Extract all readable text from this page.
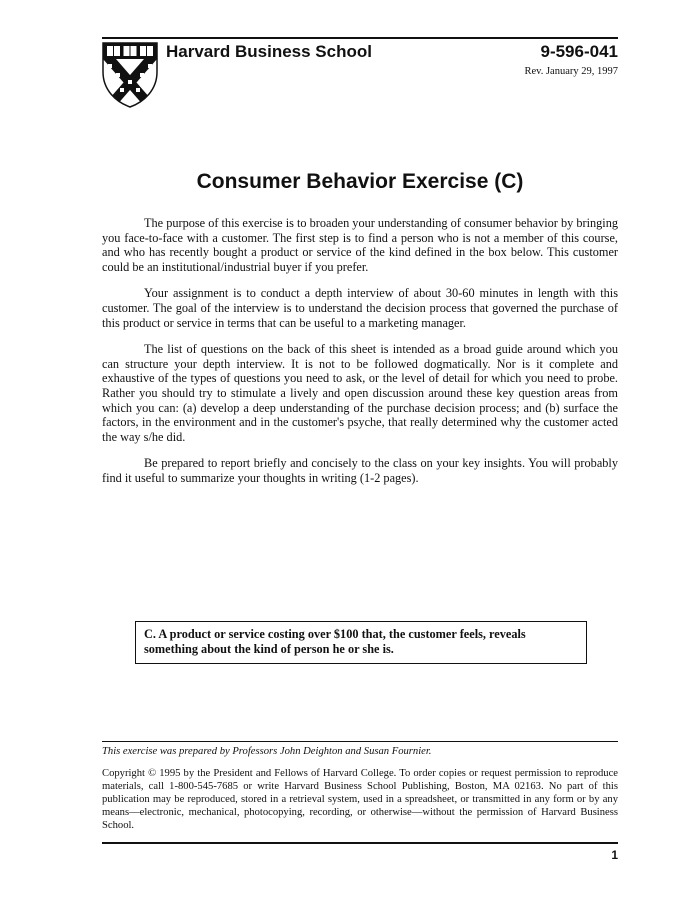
Harvard Business School	9-596-041
Rev. January 29, 1997
Consumer Behavior Exercise (C)

The purpose of this exercise is to broaden your understanding of consumer behavior by bringing you face-to-face with a customer. The first step is to find a person who is not a member of this course, and who has recently bought a product or service of the kind defined in the box below. This customer could be an institutional/industrial buyer if you prefer.

Your assignment is to conduct a depth interview of about 30-60 minutes in length with this customer. The goal of the interview is to understand the decision process that governed the purchase of this product or service in terms that can be useful to a marketing manager.

The list of questions on the back of this sheet is intended as a broad guide around which you can structure your depth interview. It is not to be followed dogmatically. Nor is it complete and exhaustive of the types of questions you need to ask, or the level of detail for which you need to probe. Rather you should try to stimulate a lively and open discussion around these key question areas from which you can: (a) develop a deep understanding of the purchase decision process; and (b) surface the factors, in the environment and in the customer's psyche, that really determined why the customer acted the way s/he did.

Be prepared to report briefly and concisely to the class on your key insights. You will probably find it useful to summarize your thoughts in writing (1-2 pages).

C. A product or service costing over $100 that, the customer feels, reveals something about the kind of person he or she is.
This exercise was prepared by Professors John Deighton and Susan Fournier.
Copyright © 1995 by the President and Fellows of Harvard College. To order copies or request permission to reproduce materials, call 1-800-545-7685 or write Harvard Business School Publishing, Boston, MA 02163. No part of this publication may be reproduced, stored in a retrieval system, used in a spreadsheet, or transmitted in any form or by any means—electronic, mechanical, photocopying, recording, or otherwise—without the permission of Harvard Business School.
1
